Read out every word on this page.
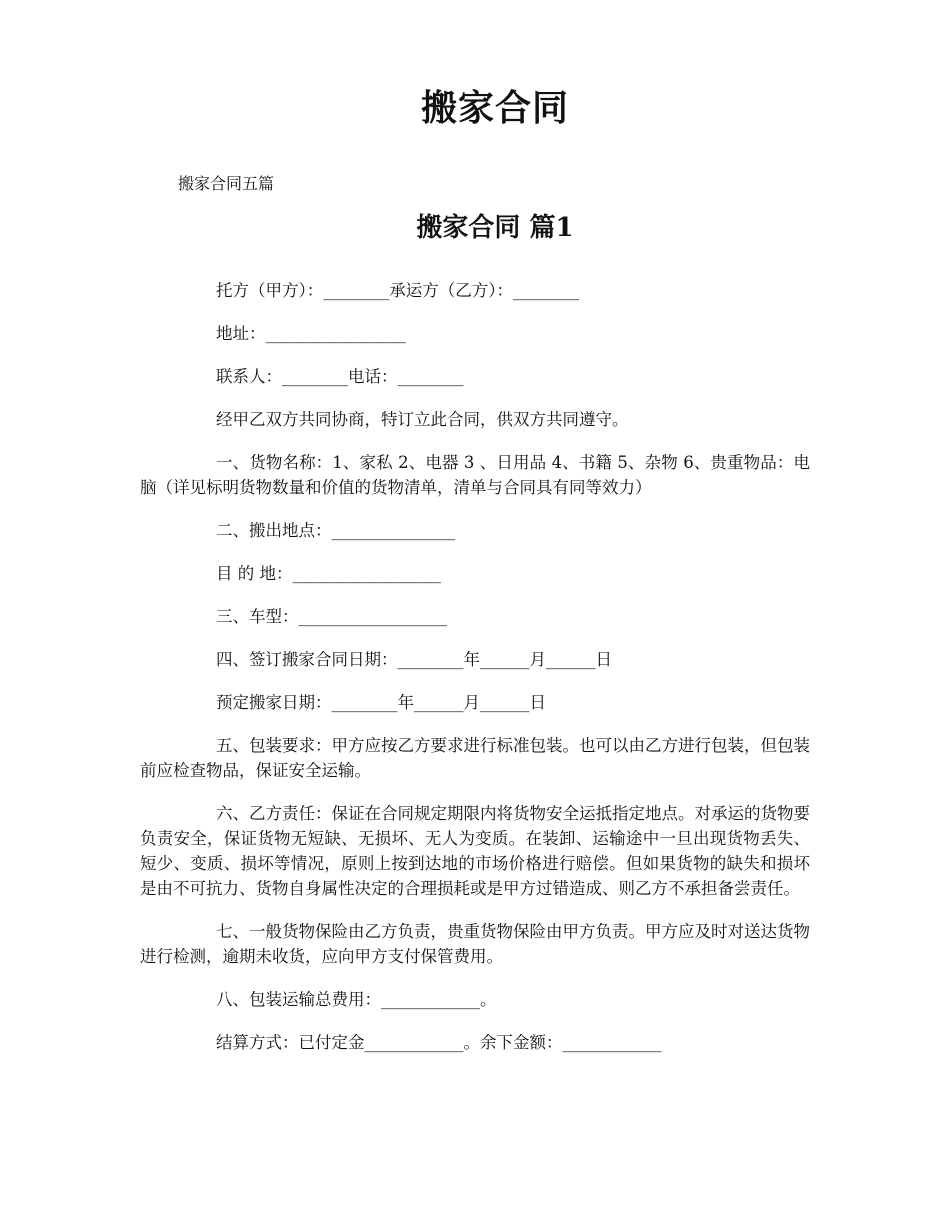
搬家合同
搬家合同五篇
搬家合同 篇1

托方（甲方）：________承运方（乙方）：________

地址：_________________

联系人：________电话：________

经甲乙双方共同协商，特订立此合同，供双方共同遵守。

一、货物名称：1、家私 2、电器 3 、日用品 4、书籍 5、杂物 6、贵重物品：电脑（详见标明货物数量和价值的货物清单，清单与合同具有同等效力）

二、搬出地点：_______________

目 的 地：__________________

三、车型：__________________

四、签订搬家合同日期：________年______月______日

预定搬家日期：________年______月______日

五、包装要求：甲方应按乙方要求进行标准包装。也可以由乙方进行包装，但包装前应检查物品，保证安全运输。

六、乙方责任：保证在合同规定期限内将货物安全运抵指定地点。对承运的货物要负责安全，保证货物无短缺、无损坏、无人为变质。在装卸、运输途中一旦出现货物丢失、短少、变质、损坏等情况，原则上按到达地的市场价格进行赔偿。但如果货物的缺失和损坏是由不可抗力、货物自身属性决定的合理损耗或是甲方过错造成、则乙方不承担备尝责任。

七、一般货物保险由乙方负责，贵重货物保险由甲方负责。甲方应及时对送达货物进行检测，逾期未收货，应向甲方支付保管费用。

八、包装运输总费用：____________。

结算方式：已付定金____________。余下金额：____________
